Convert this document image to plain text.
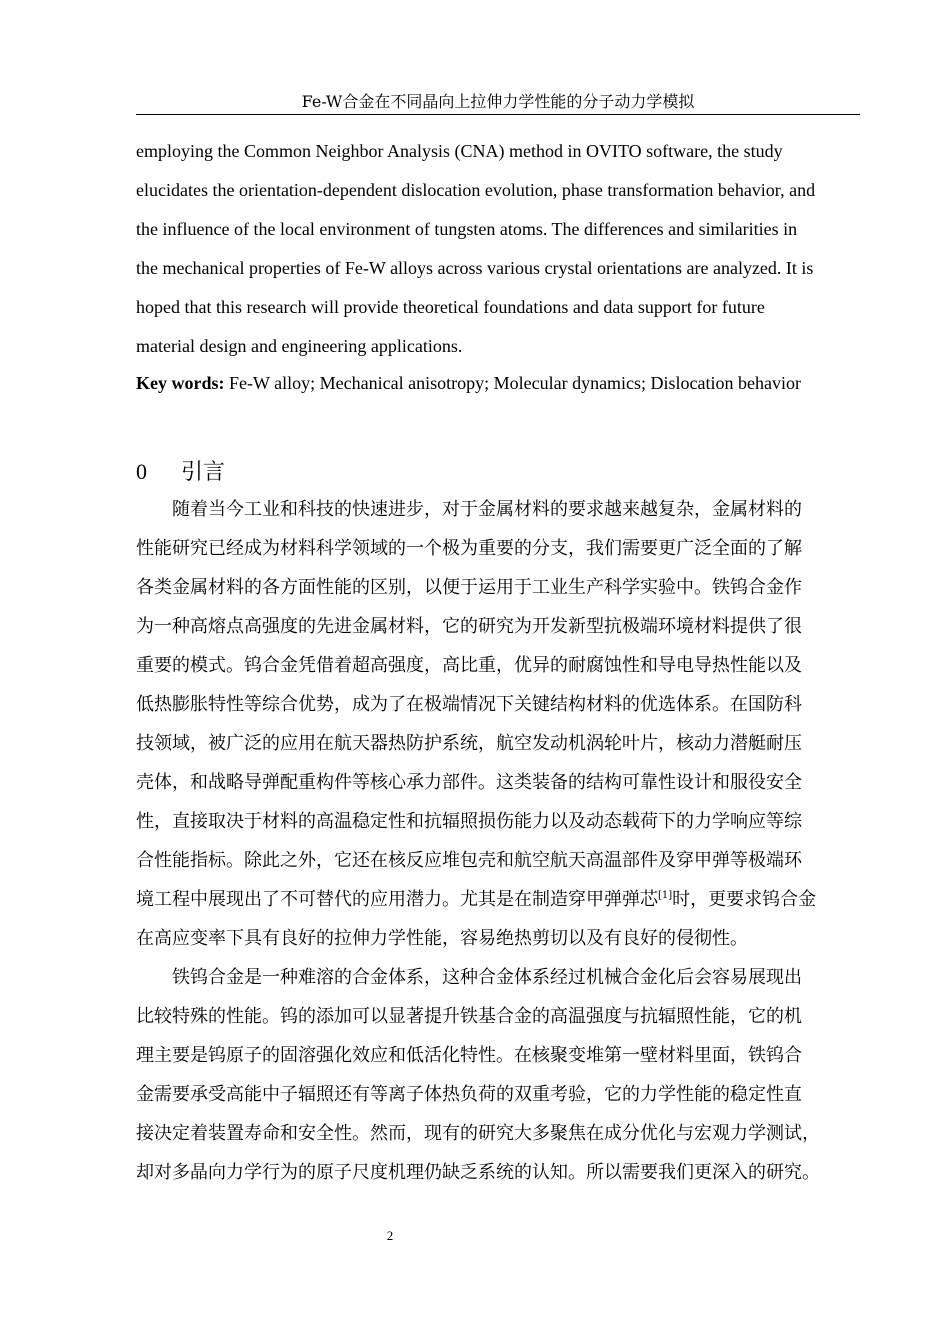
Fe-W合金在不同晶向上拉伸力学性能的分子动力学模拟
employing the Common Neighbor Analysis (CNA) method in OVITO software, the study
elucidates the orientation-dependent dislocation evolution, phase transformation behavior, and
the influence of the local environment of tungsten atoms. The differences and similarities in
the mechanical properties of Fe-W alloys across various crystal orientations are analyzed. It is
hoped that this research will provide theoretical foundations and data support for future
material design and engineering applications.
Key words: Fe-W alloy; Mechanical anisotropy; Molecular dynamics; Dislocation behavior
0 引言
随着当今工业和科技的快速进步，对于金属材料的要求越来越复杂，金属材料的
性能研究已经成为材料科学领域的一个极为重要的分支，我们需要更广泛全面的了解
各类金属材料的各方面性能的区别，以便于运用于工业生产科学实验中。铁钨合金作
为一种高熔点高强度的先进金属材料，它的研究为开发新型抗极端环境材料提供了很
重要的模式。钨合金凭借着超高强度，高比重，优异的耐腐蚀性和导电导热性能以及
低热膨胀特性等综合优势，成为了在极端情况下关键结构材料的优选体系。在国防科
技领域，被广泛的应用在航天器热防护系统，航空发动机涡轮叶片，核动力潜艇耐压
壳体，和战略导弹配重构件等核心承力部件。这类装备的结构可靠性设计和服役安全
性，直接取决于材料的高温稳定性和抗辐照损伤能力以及动态载荷下的力学响应等综
合性能指标。除此之外，它还在核反应堆包壳和航空航天高温部件及穿甲弹等极端环
境工程中展现出了不可替代的应用潜力。尤其是在制造穿甲弹弹芯[1]时，更要求钨合金
在高应变率下具有良好的拉伸力学性能，容易绝热剪切以及有良好的侵彻性。
铁钨合金是一种难溶的合金体系，这种合金体系经过机械合金化后会容易展现出
比较特殊的性能。钨的添加可以显著提升铁基合金的高温强度与抗辐照性能，它的机
理主要是钨原子的固溶强化效应和低活化特性。在核聚变堆第一壁材料里面，铁钨合
金需要承受高能中子辐照还有等离子体热负荷的双重考验，它的力学性能的稳定性直
接决定着装置寿命和安全性。然而，现有的研究大多聚焦在成分优化与宏观力学测试，
却对多晶向力学行为的原子尺度机理仍缺乏系统的认知。所以需要我们更深入的研究。
2
